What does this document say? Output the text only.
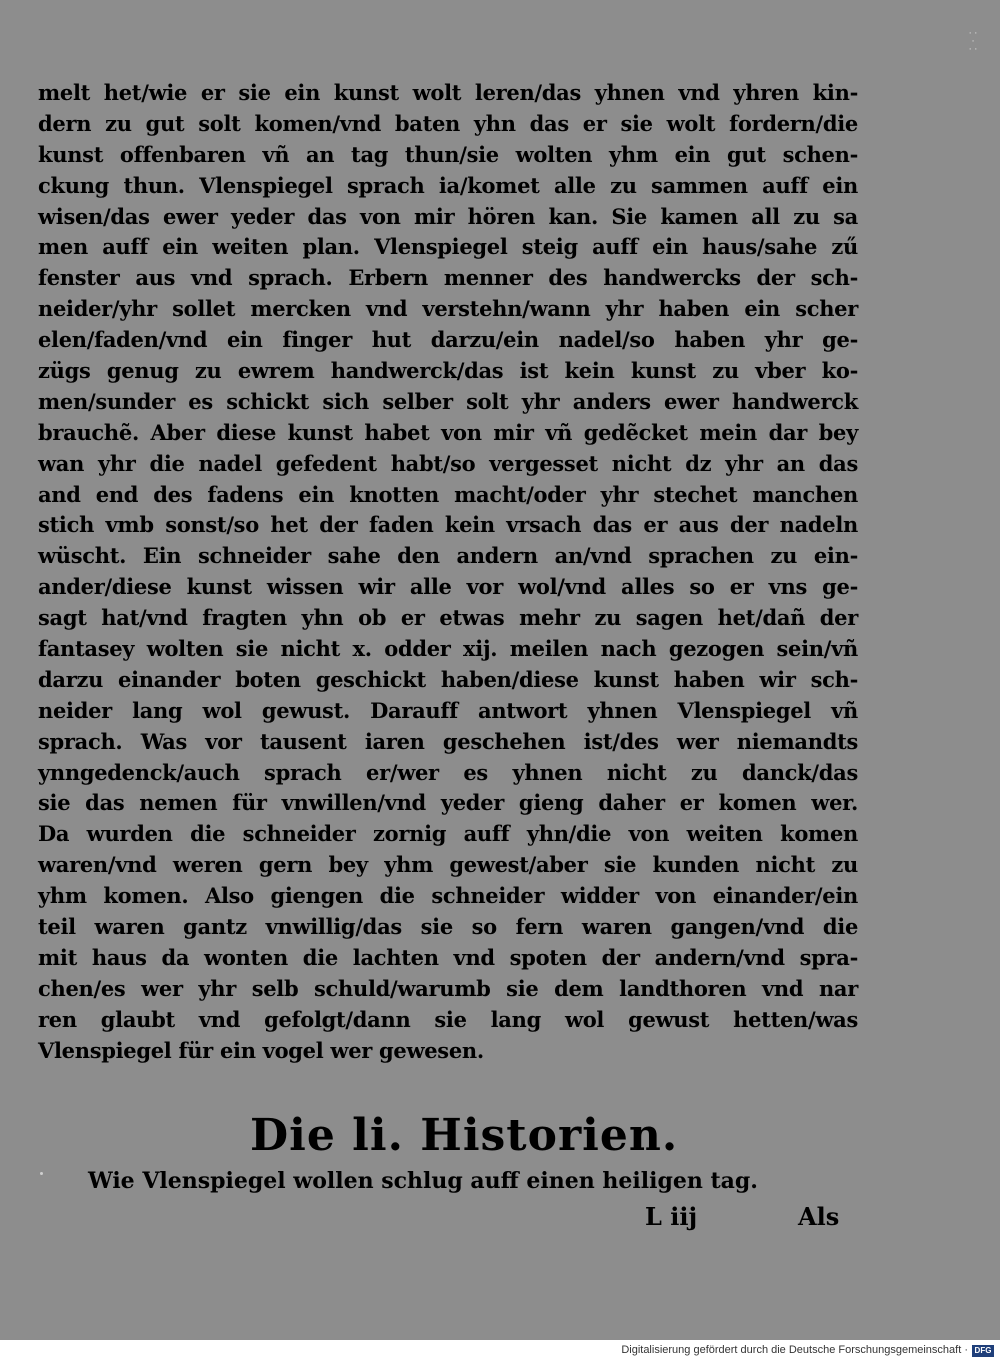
· ·
·
· ·
melt het/wie er sie ein kunst wolt leren/das yhnen vnd yhren kin-
dern zu gut solt komen/vnd baten yhn das er sie wolt fordern/die
kunst offenbaren vñ an tag thun/sie wolten yhm ein gut schen-
ckung thun. Vlenspiegel sprach ia/komet alle zu sammen auff ein
wisen/das ewer yeder das von mir hören kan. Sie kamen all zu sa
men auff ein weiten plan. Vlenspiegel steig auff ein haus/sahe zű
fenster aus vnd sprach. Erbern menner des handwercks der sch-
neider/yhr sollet mercken vnd verstehn/wann yhr haben ein scher
elen/faden/vnd ein finger hut darzu/ein nadel/so haben yhr ge-
zügs genug zu ewrem handwerck/das ist kein kunst zu vber ko-
men/sunder es schickt sich selber solt yhr anders ewer handwerck
brauchẽ. Aber diese kunst habet von mir vñ gedẽcket mein dar bey
wan yhr die nadel gefedent habt/so vergesset nicht dz yhr an das
and end des fadens ein knotten macht/oder yhr stechet manchen
stich vmb sonst/so het der faden kein vrsach das er aus der nadeln
wüscht. Ein schneider sahe den andern an/vnd sprachen zu ein-
ander/diese kunst wissen wir alle vor wol/vnd alles so er vns ge-
sagt hat/vnd fragten yhn ob er etwas mehr zu sagen het/dañ der
fantasey wolten sie nicht x. odder xij. meilen nach gezogen sein/vñ
darzu einander boten geschickt haben/diese kunst haben wir sch-
neider lang wol gewust. Darauff antwort yhnen Vlenspiegel vñ
sprach. Was vor tausent iaren geschehen ist/des wer niemandts
ynngedenck/auch sprach er/wer es yhnen nicht zu danck/das
sie das nemen für vnwillen/vnd yeder gieng daher er komen wer.
Da wurden die schneider zornig auff yhn/die von weiten komen
waren/vnd weren gern bey yhm gewest/aber sie kunden nicht zu
yhm komen. Also giengen die schneider widder von einander/ein
teil waren gantz vnwillig/das sie so fern waren gangen/vnd die
mit haus da wonten die lachten vnd spoten der andern/vnd spra-
chen/es wer yhr selb schuld/warumb sie dem landthoren vnd nar
ren glaubt vnd gefolgt/dann sie lang wol gewust hetten/was
Vlenspiegel für ein vogel wer gewesen.
Die li. Historien.
Wie Vlenspiegel wollen schlug auff einen heiligen tag.
L iij	Als
Digitalisierung gefördert durch die Deutsche Forschungsgemeinschaft · DFG
